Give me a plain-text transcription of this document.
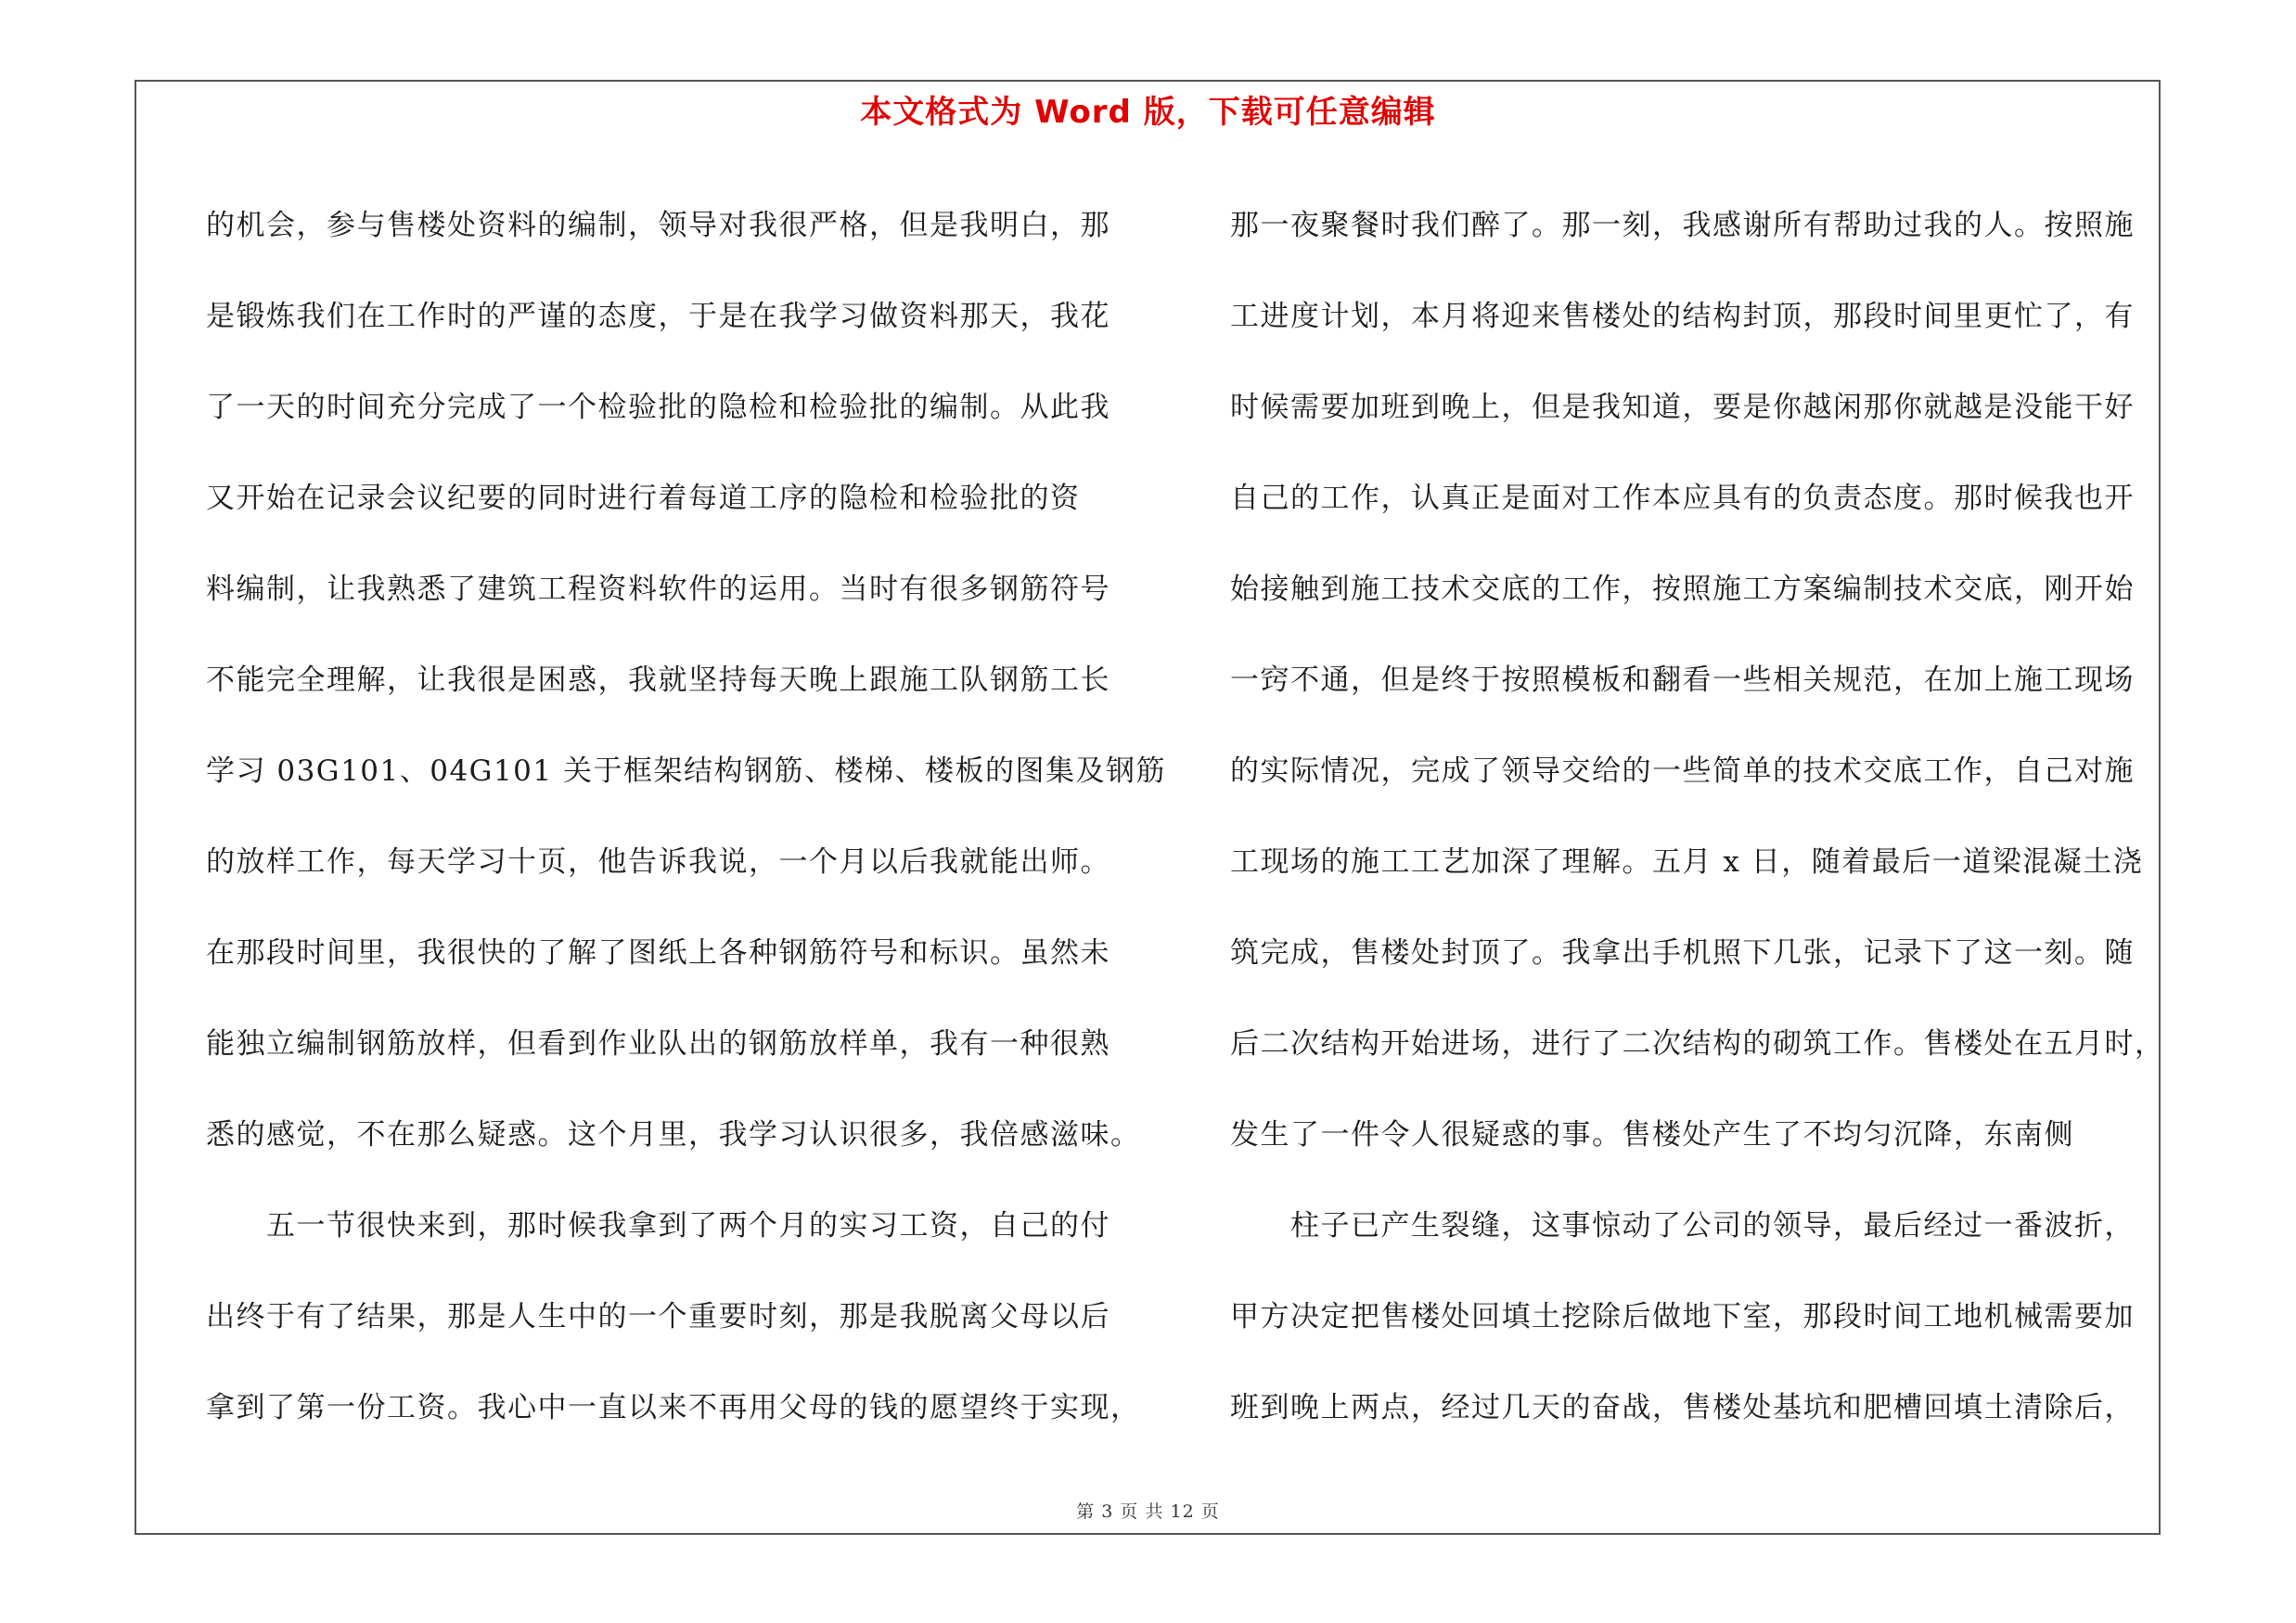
本文格式为 Word 版，下载可任意编辑
的机会，参与售楼处资料的编制，领导对我很严格，但是我明白，那
是锻炼我们在工作时的严谨的态度，于是在我学习做资料那天，我花
了一天的时间充分完成了一个检验批的隐检和检验批的编制。从此我
又开始在记录会议纪要的同时进行着每道工序的隐检和检验批的资
料编制，让我熟悉了建筑工程资料软件的运用。当时有很多钢筋符号
不能完全理解，让我很是困惑，我就坚持每天晚上跟施工队钢筋工长
学习 03G101、04G101 关于框架结构钢筋、楼梯、楼板的图集及钢筋
的放样工作，每天学习十页，他告诉我说，一个月以后我就能出师。
在那段时间里，我很快的了解了图纸上各种钢筋符号和标识。虽然未
能独立编制钢筋放样，但看到作业队出的钢筋放样单，我有一种很熟
悉的感觉，不在那么疑惑。这个月里，我学习认识很多，我倍感滋味。
　　五一节很快来到，那时候我拿到了两个月的实习工资，自己的付
出终于有了结果，那是人生中的一个重要时刻，那是我脱离父母以后
拿到了第一份工资。我心中一直以来不再用父母的钱的愿望终于实现，
那一夜聚餐时我们醉了。那一刻，我感谢所有帮助过我的人。按照施
工进度计划，本月将迎来售楼处的结构封顶，那段时间里更忙了，有
时候需要加班到晚上，但是我知道，要是你越闲那你就越是没能干好
自己的工作，认真正是面对工作本应具有的负责态度。那时候我也开
始接触到施工技术交底的工作，按照施工方案编制技术交底，刚开始
一窍不通，但是终于按照模板和翻看一些相关规范，在加上施工现场
的实际情况，完成了领导交给的一些简单的技术交底工作，自己对施
工现场的施工工艺加深了理解。五月 x 日，随着最后一道梁混凝土浇
筑完成，售楼处封顶了。我拿出手机照下几张，记录下了这一刻。随
后二次结构开始进场，进行了二次结构的砌筑工作。售楼处在五月时，
发生了一件令人很疑惑的事。售楼处产生了不均匀沉降，东南侧
　　柱子已产生裂缝，这事惊动了公司的领导，最后经过一番波折，
甲方决定把售楼处回填土挖除后做地下室，那段时间工地机械需要加
班到晚上两点，经过几天的奋战，售楼处基坑和肥槽回填土清除后，
第 3 页 共 12 页
